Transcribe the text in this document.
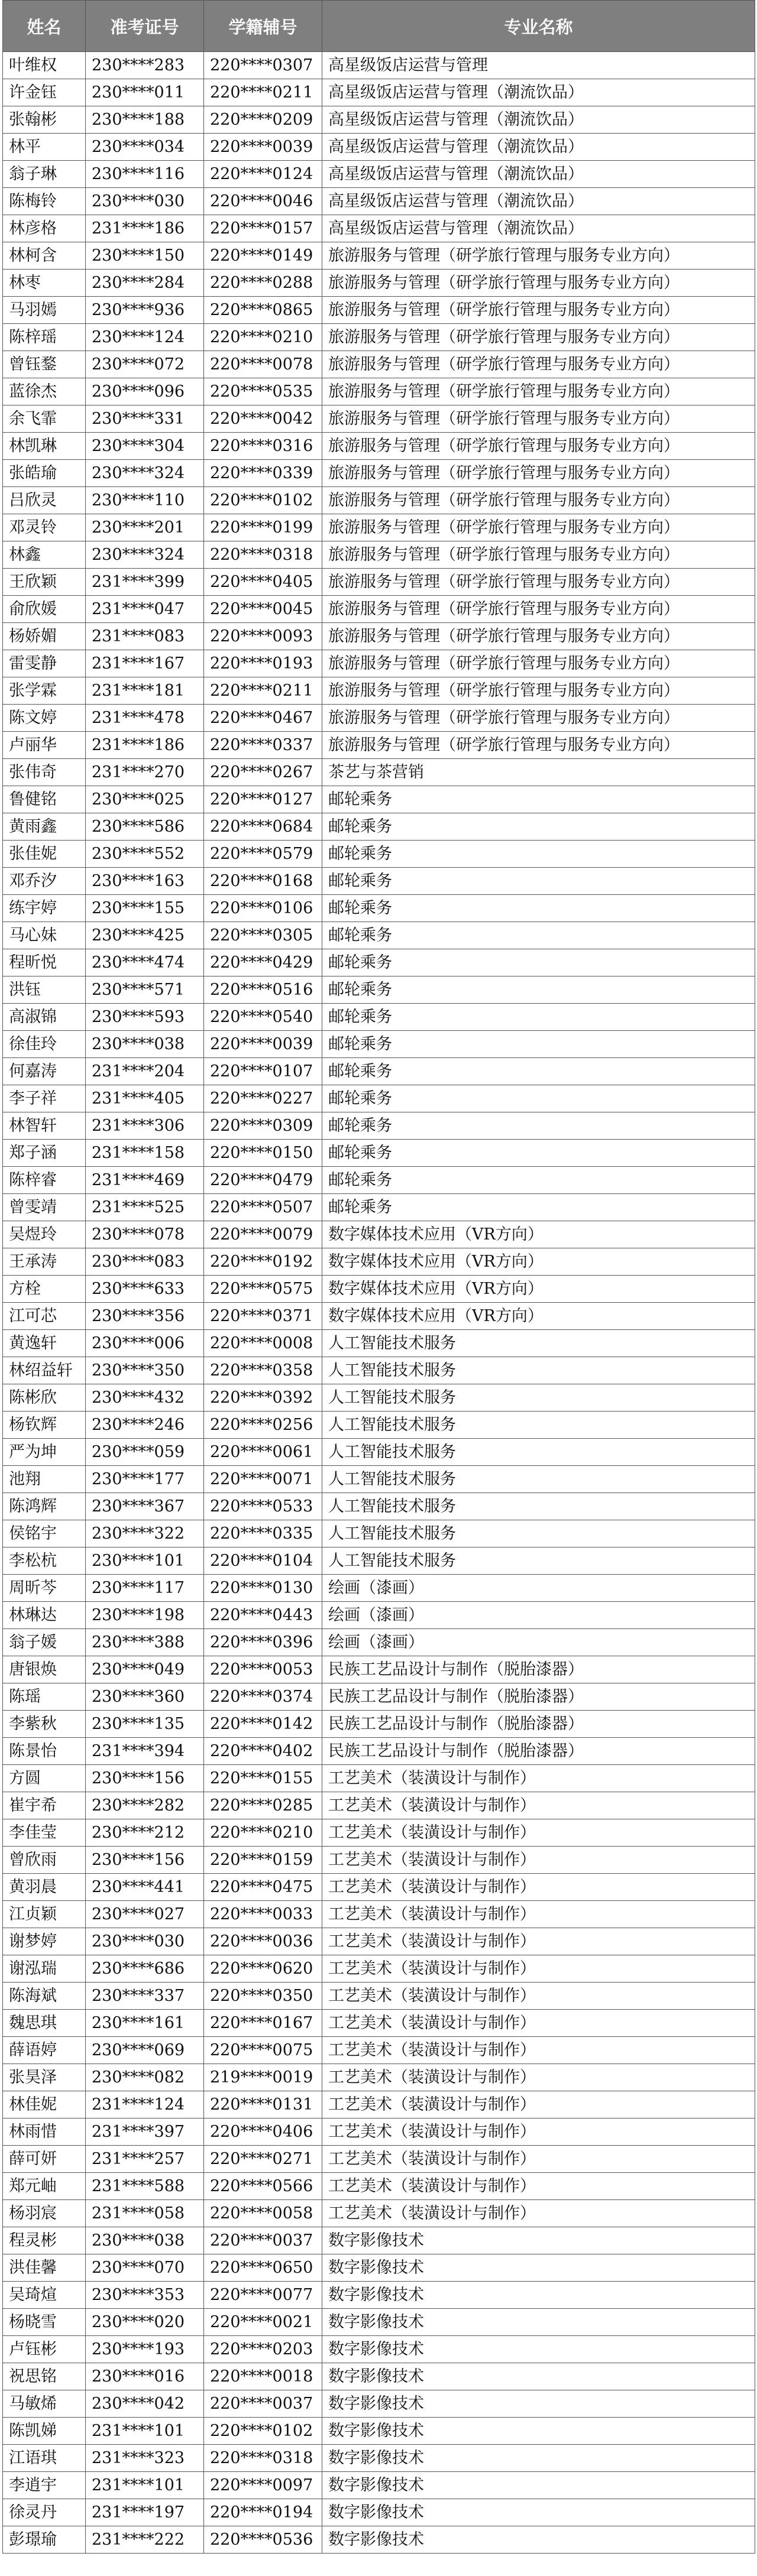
姓名	准考证号	学籍辅号	专业名称
叶维权	230****283	220****0307	高星级饭店运营与管理
许金钰	230****011	220****0211	高星级饭店运营与管理（潮流饮品）
张翰彬	230****188	220****0209	高星级饭店运营与管理（潮流饮品）
林平	230****034	220****0039	高星级饭店运营与管理（潮流饮品）
翁子琳	230****116	220****0124	高星级饭店运营与管理（潮流饮品）
陈梅铃	230****030	220****0046	高星级饭店运营与管理（潮流饮品）
林彦格	231****186	220****0157	高星级饭店运营与管理（潮流饮品）
林柯含	230****150	220****0149	旅游服务与管理（研学旅行管理与服务专业方向）
林枣	230****284	220****0288	旅游服务与管理（研学旅行管理与服务专业方向）
马羽嫣	230****936	220****0865	旅游服务与管理（研学旅行管理与服务专业方向）
陈梓瑶	230****124	220****0210	旅游服务与管理（研学旅行管理与服务专业方向）
曾钰鍪	230****072	220****0078	旅游服务与管理（研学旅行管理与服务专业方向）
蓝徐杰	230****096	220****0535	旅游服务与管理（研学旅行管理与服务专业方向）
余飞霏	230****331	220****0042	旅游服务与管理（研学旅行管理与服务专业方向）
林凯琳	230****304	220****0316	旅游服务与管理（研学旅行管理与服务专业方向）
张皓瑜	230****324	220****0339	旅游服务与管理（研学旅行管理与服务专业方向）
吕欣灵	230****110	220****0102	旅游服务与管理（研学旅行管理与服务专业方向）
邓灵铃	230****201	220****0199	旅游服务与管理（研学旅行管理与服务专业方向）
林鑫	230****324	220****0318	旅游服务与管理（研学旅行管理与服务专业方向）
王欣颖	231****399	220****0405	旅游服务与管理（研学旅行管理与服务专业方向）
俞欣媛	231****047	220****0045	旅游服务与管理（研学旅行管理与服务专业方向）
杨娇媚	231****083	220****0093	旅游服务与管理（研学旅行管理与服务专业方向）
雷雯静	231****167	220****0193	旅游服务与管理（研学旅行管理与服务专业方向）
张学霖	231****181	220****0211	旅游服务与管理（研学旅行管理与服务专业方向）
陈文婷	231****478	220****0467	旅游服务与管理（研学旅行管理与服务专业方向）
卢丽华	231****186	220****0337	旅游服务与管理（研学旅行管理与服务专业方向）
张伟奇	231****270	220****0267	茶艺与茶营销
鲁健铭	230****025	220****0127	邮轮乘务
黄雨鑫	230****586	220****0684	邮轮乘务
张佳妮	230****552	220****0579	邮轮乘务
邓乔汐	230****163	220****0168	邮轮乘务
练宇婷	230****155	220****0106	邮轮乘务
马心妹	230****425	220****0305	邮轮乘务
程昕悦	230****474	220****0429	邮轮乘务
洪钰	230****571	220****0516	邮轮乘务
高淑锦	230****593	220****0540	邮轮乘务
徐佳玲	230****038	220****0039	邮轮乘务
何嘉涛	231****204	220****0107	邮轮乘务
李子祥	231****405	220****0227	邮轮乘务
林智轩	231****306	220****0309	邮轮乘务
郑子涵	231****158	220****0150	邮轮乘务
陈梓睿	231****469	220****0479	邮轮乘务
曾雯靖	231****525	220****0507	邮轮乘务
吴煜玲	230****078	220****0079	数字媒体技术应用（VR方向）
王承涛	230****083	220****0192	数字媒体技术应用（VR方向）
方栓	230****633	220****0575	数字媒体技术应用（VR方向）
江可芯	230****356	220****0371	数字媒体技术应用（VR方向）
黄逸轩	230****006	220****0008	人工智能技术服务
林绍益轩	230****350	220****0358	人工智能技术服务
陈彬欣	230****432	220****0392	人工智能技术服务
杨钦辉	230****246	220****0256	人工智能技术服务
严为坤	230****059	220****0061	人工智能技术服务
池翔	230****177	220****0071	人工智能技术服务
陈鸿辉	230****367	220****0533	人工智能技术服务
侯铭宇	230****322	220****0335	人工智能技术服务
李松杭	230****101	220****0104	人工智能技术服务
周昕芩	230****117	220****0130	绘画（漆画）
林琳达	230****198	220****0443	绘画（漆画）
翁子媛	230****388	220****0396	绘画（漆画）
唐银焕	230****049	220****0053	民族工艺品设计与制作（脱胎漆器）
陈瑶	230****360	220****0374	民族工艺品设计与制作（脱胎漆器）
李紫秋	230****135	220****0142	民族工艺品设计与制作（脱胎漆器）
陈景怡	231****394	220****0402	民族工艺品设计与制作（脱胎漆器）
方圆	230****156	220****0155	工艺美术（装潢设计与制作）
崔宇希	230****282	220****0285	工艺美术（装潢设计与制作）
李佳莹	230****212	220****0210	工艺美术（装潢设计与制作）
曾欣雨	230****156	220****0159	工艺美术（装潢设计与制作）
黄羽晨	230****441	220****0475	工艺美术（装潢设计与制作）
江贞颖	230****027	220****0033	工艺美术（装潢设计与制作）
谢梦婷	230****030	220****0036	工艺美术（装潢设计与制作）
谢泓瑞	230****686	220****0620	工艺美术（装潢设计与制作）
陈海斌	230****337	220****0350	工艺美术（装潢设计与制作）
魏思琪	230****161	220****0167	工艺美术（装潢设计与制作）
薛语婷	230****069	220****0075	工艺美术（装潢设计与制作）
张昊泽	230****082	219****0019	工艺美术（装潢设计与制作）
林佳妮	231****124	220****0131	工艺美术（装潢设计与制作）
林雨惜	231****397	220****0406	工艺美术（装潢设计与制作）
薛可妍	231****257	220****0271	工艺美术（装潢设计与制作）
郑元岫	231****588	220****0566	工艺美术（装潢设计与制作）
杨羽宸	231****058	220****0058	工艺美术（装潢设计与制作）
程灵彬	230****038	220****0037	数字影像技术
洪佳馨	230****070	220****0650	数字影像技术
吴琦煊	230****353	220****0077	数字影像技术
杨晓雪	230****020	220****0021	数字影像技术
卢钰彬	230****193	220****0203	数字影像技术
祝思铭	230****016	220****0018	数字影像技术
马敏烯	230****042	220****0037	数字影像技术
陈凯娣	231****101	220****0102	数字影像技术
江语琪	231****323	220****0318	数字影像技术
李逍宇	231****101	220****0097	数字影像技术
徐灵丹	231****197	220****0194	数字影像技术
彭璟瑜	231****222	220****0536	数字影像技术
